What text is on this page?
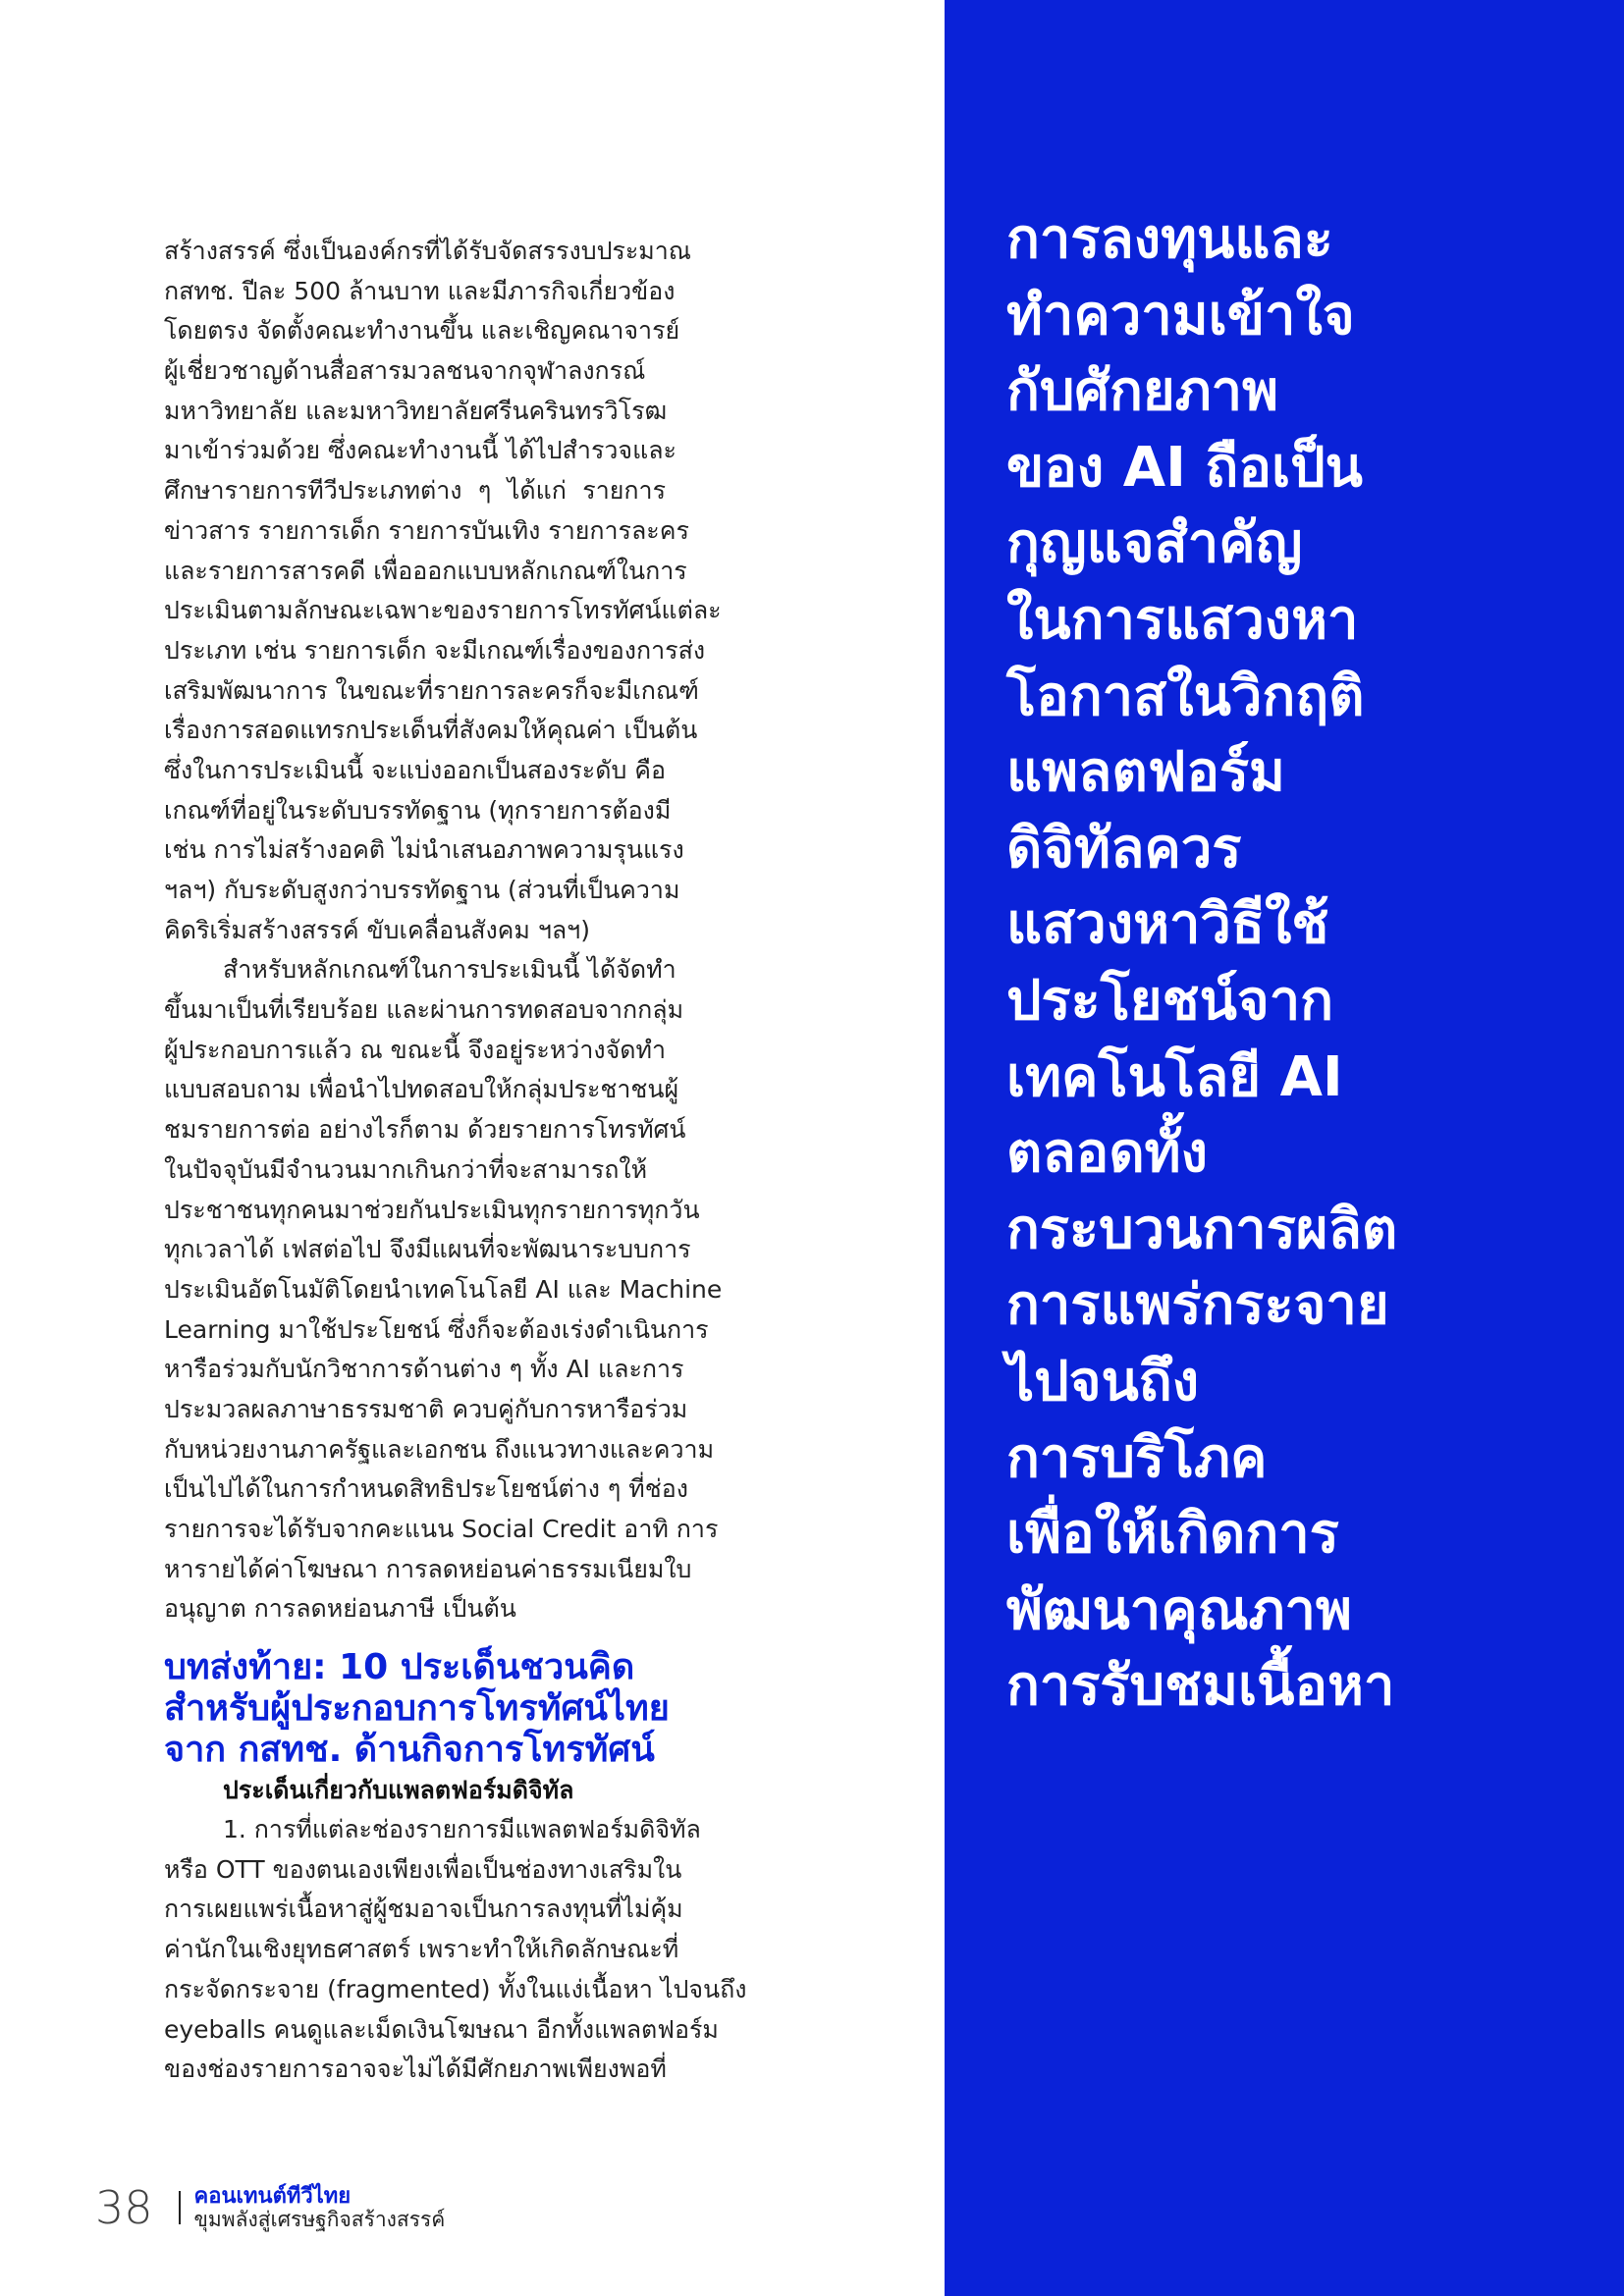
สร้างสรรค์ ซึ่งเป็นองค์กรที่ได้รับจัดสรรงบประมาณ
กสทช. ปีละ 500 ล้านบาท และมีภารกิจเกี่ยวข้อง
โดยตรง จัดตั้งคณะทำงานขึ้น และเชิญคณาจารย์
ผู้เชี่ยวชาญด้านสื่อสารมวลชนจากจุฬาลงกรณ์
มหาวิทยาลัย และมหาวิทยาลัยศรีนครินทรวิโรฒ
มาเข้าร่วมด้วย ซึ่งคณะทำงานนี้ ได้ไปสำรวจและ
ศึกษารายการทีวีประเภทต่าง ๆ ได้แก่ รายการ
ข่าวสาร รายการเด็ก รายการบันเทิง รายการละคร
และรายการสารคดี เพื่อออกแบบหลักเกณฑ์ในการ
ประเมินตามลักษณะเฉพาะของรายการโทรทัศน์แต่ละ
ประเภท เช่น รายการเด็ก จะมีเกณฑ์เรื่องของการส่ง
เสริมพัฒนาการ ในขณะที่รายการละครก็จะมีเกณฑ์
เรื่องการสอดแทรกประเด็นที่สังคมให้คุณค่า เป็นต้น
ซึ่งในการประเมินนี้ จะแบ่งออกเป็นสองระดับ คือ
เกณฑ์ที่อยู่ในระดับบรรทัดฐาน (ทุกรายการต้องมี
เช่น การไม่สร้างอคติ ไม่นำเสนอภาพความรุนแรง
ฯลฯ) กับระดับสูงกว่าบรรทัดฐาน (ส่วนที่เป็นความ
คิดริเริ่มสร้างสรรค์ ขับเคลื่อนสังคม ฯลฯ)
สำหรับหลักเกณฑ์ในการประเมินนี้ ได้จัดทำ
ขึ้นมาเป็นที่เรียบร้อย และผ่านการทดสอบจากกลุ่ม
ผู้ประกอบการแล้ว ณ ขณะนี้ จึงอยู่ระหว่างจัดทำ
แบบสอบถาม เพื่อนำไปทดสอบให้กลุ่มประชาชนผู้
ชมรายการต่อ อย่างไรก็ตาม ด้วยรายการโทรทัศน์
ในปัจจุบันมีจำนวนมากเกินกว่าที่จะสามารถให้
ประชาชนทุกคนมาช่วยกันประเมินทุกรายการทุกวัน
ทุกเวลาได้ เฟสต่อไป จึงมีแผนที่จะพัฒนาระบบการ
ประเมินอัตโนมัติโดยนำเทคโนโลยี AI และ Machine
Learning มาใช้ประโยชน์ ซึ่งก็จะต้องเร่งดำเนินการ
หารือร่วมกับนักวิชาการด้านต่าง ๆ ทั้ง AI และการ
ประมวลผลภาษาธรรมชาติ ควบคู่กับการหารือร่วม
กับหน่วยงานภาครัฐและเอกชน ถึงแนวทางและความ
เป็นไปได้ในการกำหนดสิทธิประโยชน์ต่าง ๆ ที่ช่อง
รายการจะได้รับจากคะแนน Social Credit อาทิ การ
หารายได้ค่าโฆษณา การลดหย่อนค่าธรรมเนียมใบ
อนุญาต การลดหย่อนภาษี เป็นต้น
บทส่งท้าย: 10 ประเด็นชวนคิด
สำหรับผู้ประกอบการโทรทัศน์ไทย
จาก กสทช. ด้านกิจการโทรทัศน์
ประเด็นเกี่ยวกับแพลตฟอร์มดิจิทัล
1. การที่แต่ละช่องรายการมีแพลตฟอร์มดิจิทัล
หรือ OTT ของตนเองเพียงเพื่อเป็นช่องทางเสริมใน
การเผยแพร่เนื้อหาสู่ผู้ชมอาจเป็นการลงทุนที่ไม่คุ้ม
ค่านักในเชิงยุทธศาสตร์ เพราะทำให้เกิดลักษณะที่
กระจัดกระจาย (fragmented) ทั้งในแง่เนื้อหา ไปจนถึง
eyeballs คนดูและเม็ดเงินโฆษณา อีกทั้งแพลตฟอร์ม
ของช่องรายการอาจจะไม่ได้มีศักยภาพเพียงพอที่
การลงทุนและ
ทำความเข้าใจ
กับศักยภาพ
ของ AI ถือเป็น
กุญแจสำคัญ
ในการแสวงหา
โอกาสในวิกฤติ
แพลตฟอร์ม
ดิจิทัลควร
แสวงหาวิธีใช้
ประโยชน์จาก
เทคโนโลยี AI
ตลอดทั้ง
กระบวนการผลิต
การแพร่กระจาย
ไปจนถึง
การบริโภค
เพื่อให้เกิดการ
พัฒนาคุณภาพ
การรับชมเนื้อหา
38 คอนเทนต์ทีวีไทย
ขุมพลังสู่เศรษฐกิจสร้างสรรค์
